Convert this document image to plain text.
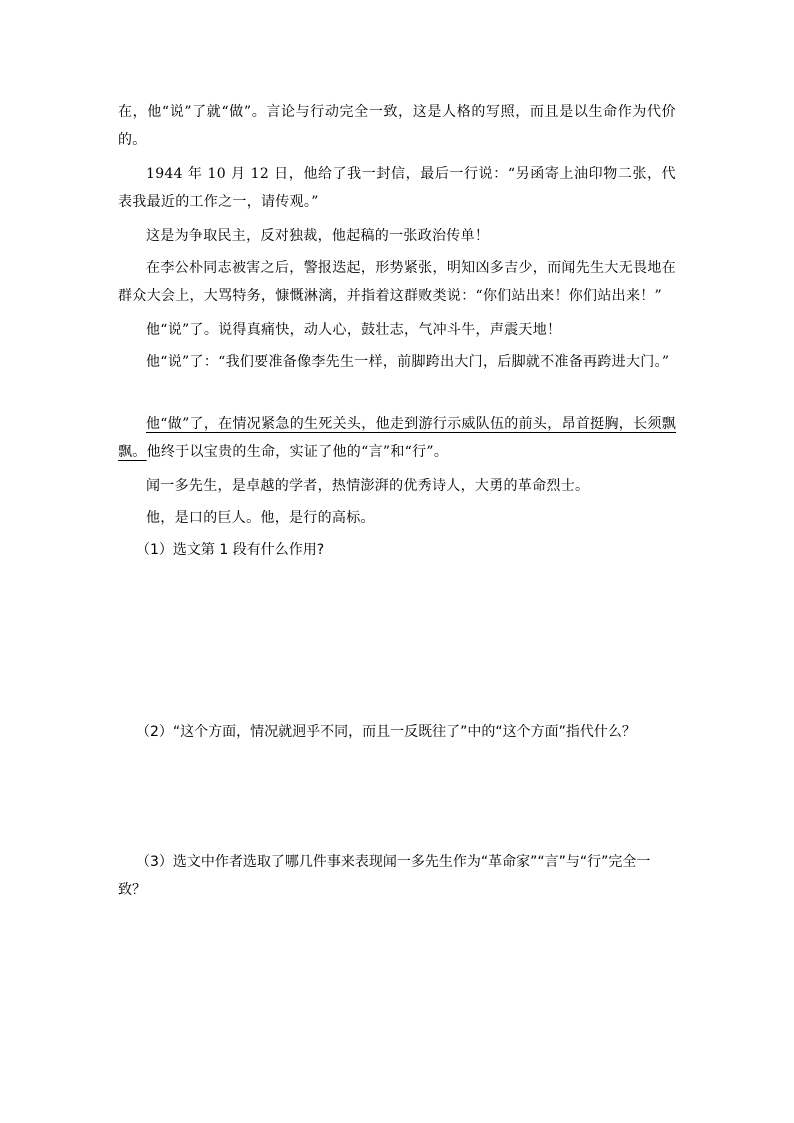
在，他“说”了就“做”。言论与行动完全一致，这是人格的写照，而且是以生命作为代价的。

1944 年 10 月 12 日，他给了我一封信，最后一行说：“另函寄上油印物二张，代表我最近的工作之一，请传观。”

这是为争取民主，反对独裁，他起稿的一张政治传单！

在李公朴同志被害之后，警报迭起，形势紧张，明知凶多吉少，而闻先生大无畏地在群众大会上，大骂特务，慷慨淋漓，并指着这群败类说：“你们站出来！你们站出来！”

他“说”了。说得真痛快，动人心，鼓壮志，气冲斗牛，声震天地！

他“说”了：“我们要准备像李先生一样，前脚跨出大门，后脚就不准备再跨进大门。”

他“做”了，在情况紧急的生死关头，他走到游行示威队伍的前头，昂首挺胸，长须飘飘。他终于以宝贵的生命，实证了他的“言”和“行”。

闻一多先生，是卓越的学者，热情澎湃的优秀诗人，大勇的革命烈士。

他，是口的巨人。他，是行的高标。

（1）选文第 1 段有什么作用?

（2）“这个方面，情况就迥乎不同，而且一反既往了”中的“这个方面”指代什么？

（3）选文中作者选取了哪几件事来表现闻一多先生作为“革命家”“言”与“行”完全一致？
